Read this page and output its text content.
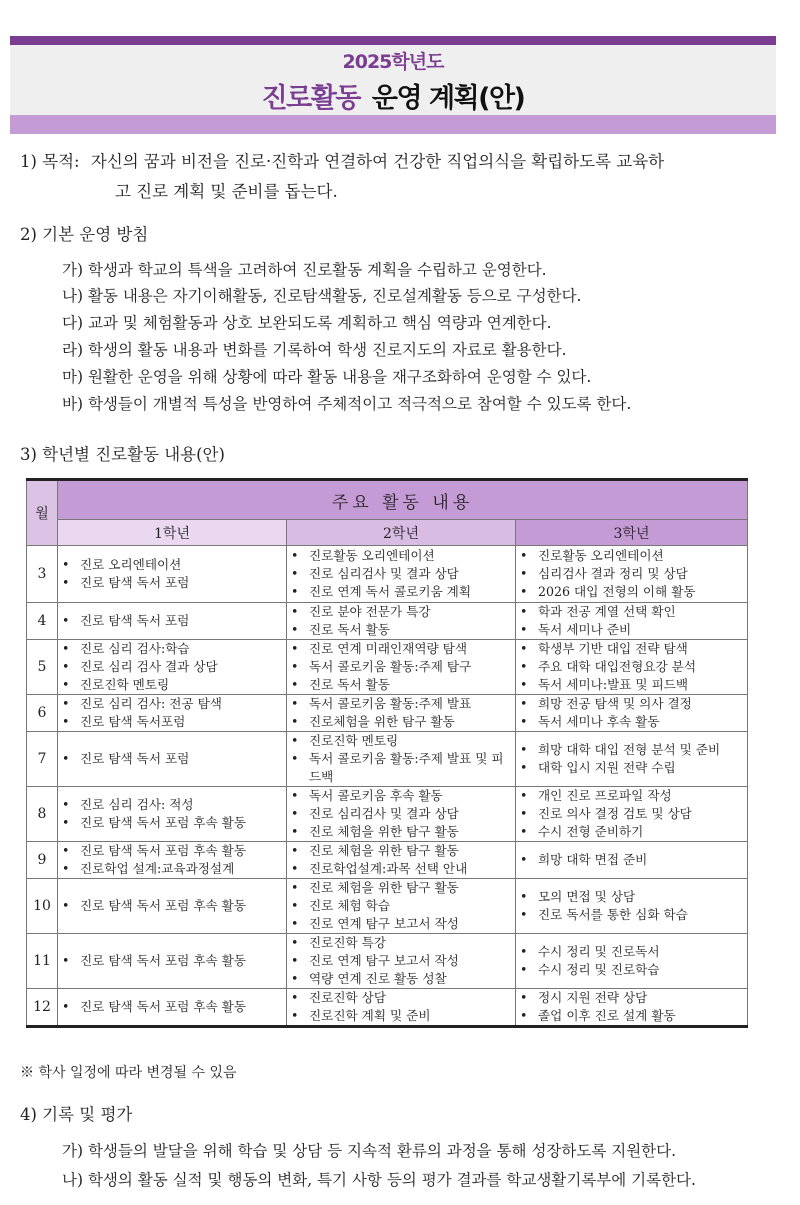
2025학년도
진로활동 운영 계획(안)
1) 목적: 자신의 꿈과 비전을 진로·진학과 연결하여 건강한 직업의식을 확립하도록 교육하
고 진로 계획 및 준비를 돕는다.
2) 기본 운영 방침
가) 학생과 학교의 특색을 고려하여 진로활동 계획을 수립하고 운영한다.
나) 활동 내용은 자기이해활동, 진로탐색활동, 진로설계활동 등으로 구성한다.
다) 교과 및 체험활동과 상호 보완되도록 계획하고 핵심 역량과 연계한다.
라) 학생의 활동 내용과 변화를 기록하여 학생 진로지도의 자료로 활용한다.
마) 원활한 운영을 위해 상황에 따라 활동 내용을 재구조화하여 운영할 수 있다.
바) 학생들이 개별적 특성을 반영하여 주체적이고 적극적으로 참여할 수 있도록 한다.
3) 학년별 진로활동 내용(안)
월	주요 활동 내용		
	1학년	2학년	3학년
3	
• 진로 오리엔테이션
• 진로 탐색 독서 포럼

• 진로활동 오리엔테이션
• 진로 심리검사 및 결과 상담
• 진로 연계 독서 콜로키움 계획

• 진로활동 오리엔테이션
• 심리검사 결과 정리 및 상담
• 2026 대입 전형의 이해 활동

4	
•진로 탐색 독서 포럼

• 진로 분야 전문가 특강
• 진로 독서 활동

• 학과 전공 계열 선택 확인
• 독서 세미나 준비

5	
• 진로 심리 검사:학습
• 진로 심리 검사 결과 상담
• 진로진학 멘토링

• 진로 연계 미래인재역량 탐색
• 독서 콜로키움 활동:주제 탐구
• 진로 독서 활동

• 학생부 기반 대입 전략 탐색
• 주요 대학 대입전형요강 분석
• 독서 세미나:발표 및 피드백

6	
• 진로 심리 검사: 전공 탐색
• 진로 탐색 독서포럼

• 독서 콜로키움 활동:주제 발표
• 진로체험을 위한 탐구 활동

• 희망 전공 탐색 및 의사 결정
• 독서 세미나 후속 활동

7	
•진로 탐색 독서 포럼

• 진로진학 멘토링
• 독서 콜로키움 활동:주제 발표 및 피드백

• 희망 대학 대입 전형 분석 및 준비
• 대학 입시 지원 전략 수립

8	
• 진로 심리 검사: 적성
• 진로 탐색 독서 포럼 후속 활동

• 독서 콜로키움 후속 활동
• 진로 심리검사 및 결과 상담
• 진로 체험을 위한 탐구 활동

• 개인 진로 프로파일 작성
• 진로 의사 결정 검토 및 상담
• 수시 전형 준비하기

9	
• 진로 탐색 독서 포럼 후속 활동
• 진로학업 설계:교육과정설계

• 진로 체험을 위한 탐구 활동
• 진로학업설계:과목 선택 안내

• 희망 대학 면접 준비

10	
•진로 탐색 독서 포럼 후속 활동

• 진로 체험을 위한 탐구 활동
• 진로 체험 학습
• 진로 연계 탐구 보고서 작성

• 모의 면접 및 상담
• 진로 독서를 통한 심화 학습

11	
•진로 탐색 독서 포럼 후속 활동

• 진로진학 특강
• 진로 연계 탐구 보고서 작성
• 역량 연계 진로 활동 성찰

• 수시 정리 및 진로독서
• 수시 정리 및 진로학습

12	
•진로 탐색 독서 포럼 후속 활동

• 진로진학 상담
• 진로진학 계획 및 준비

• 정시 지원 전략 상담
• 졸업 이후 진로 설계 활동
※ 학사 일정에 따라 변경될 수 있음
4) 기록 및 평가
가) 학생들의 발달을 위해 학습 및 상담 등 지속적 환류의 과정을 통해 성장하도록 지원한다.
나) 학생의 활동 실적 및 행동의 변화, 특기 사항 등의 평가 결과를 학교생활기록부에 기록한다.
